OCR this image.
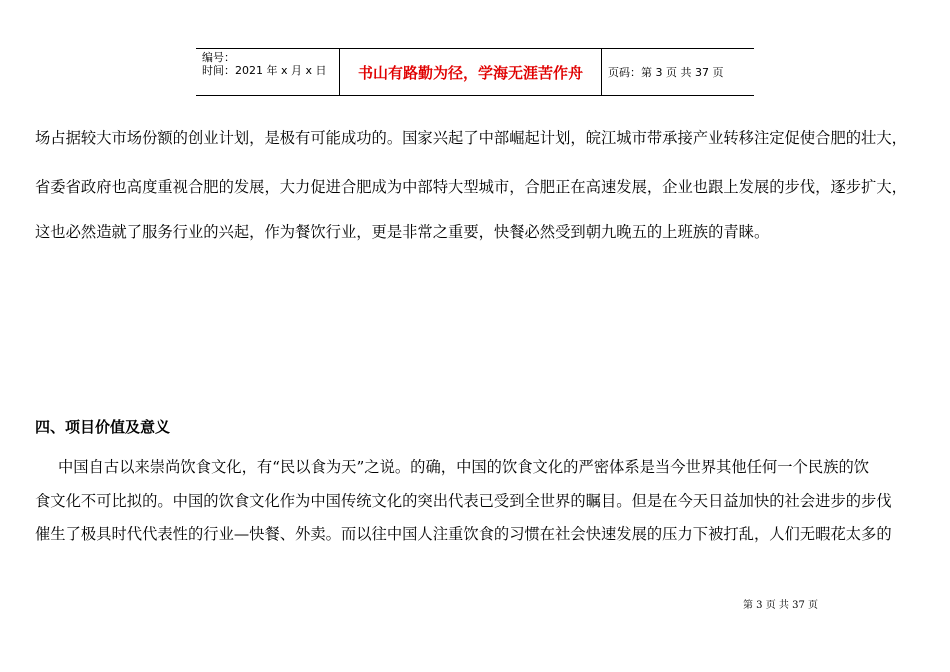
编号：
时间：2021 年 x 月 x 日	书山有路勤为径，学海无涯苦作舟	页码：第 3 页 共 37 页
场占据较大市场份额的创业计划，是极有可能成功的。国家兴起了中部崛起计划，皖江城市带承接产业转移注定促使合肥的壮大，
省委省政府也高度重视合肥的发展，大力促进合肥成为中部特大型城市，合肥正在高速发展，企业也跟上发展的步伐，逐步扩大，
这也必然造就了服务行业的兴起，作为餐饮行业，更是非常之重要，快餐必然受到朝九晚五的上班族的青睐。
四、项目价值及意义
中国自古以来崇尚饮食文化，有“民以食为天”之说。的确，中国的饮食文化的严密体系是当今世界其他任何一个民族的饮
食文化不可比拟的。中国的饮食文化作为中国传统文化的突出代表已受到全世界的瞩目。但是在今天日益加快的社会进步的步伐
催生了极具时代代表性的行业—快餐、外卖。而以往中国人注重饮食的习惯在社会快速发展的压力下被打乱，人们无暇花太多的
第 3 页 共 37 页
